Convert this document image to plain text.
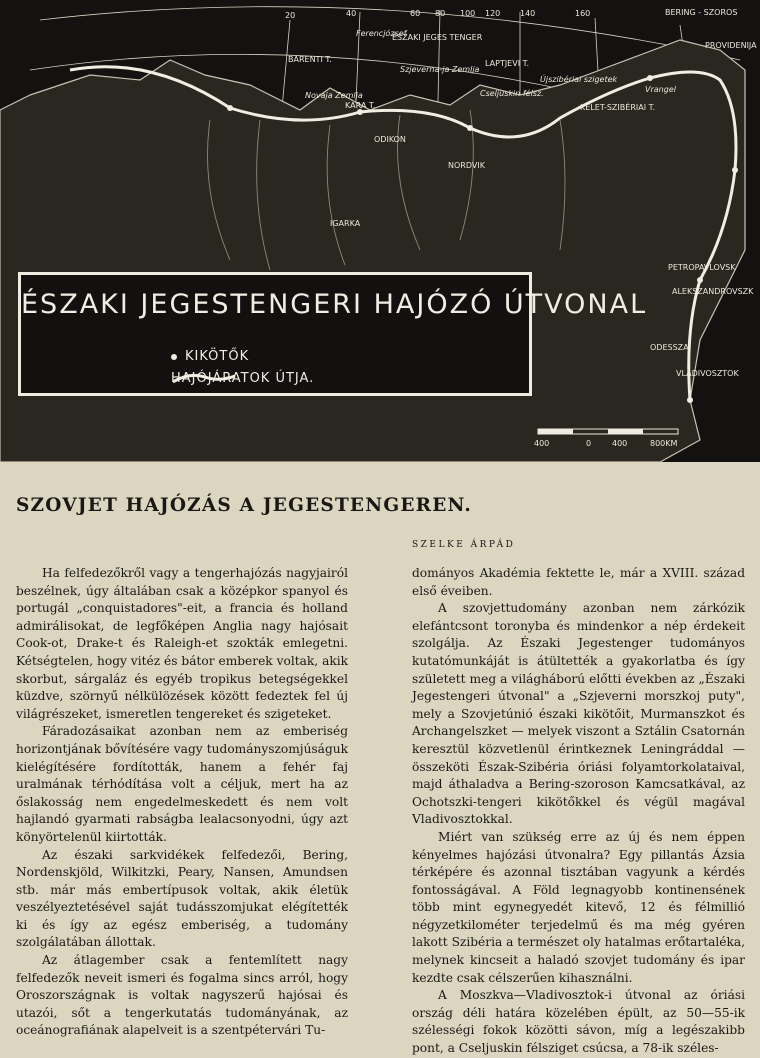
20	40	60 80 100 120 140	160	BERING - SZOROS
ÉSZAKI JEGES TENGER
Ferencjózsef
BARENTI T.
Novaja Zemlja
KARA T.
Szjeverna-ja Zemlja
LAPTJEVI T.
Újszibériai szigetek
Cseljuskin félsz.
KELET-SZIBÉRIAI T.
Vrangel
ODIKON
NORDVIK
IGARKA
PETROPAVLOVSK
ALEKSZANDROVSZK
VLADIVOSZTOK
ODESSZA
PROVIDENIJA
ÉSZAKI JEGESTENGERI HAJÓZÓ ÚTVONAL
KIKÖTŐK
HAJÓJÁRATOK ÚTJA.
400	0	400	800KM
SZOVJET HAJÓZÁS A JEGESTENGEREN.
SZELKE ÁRPÁD

Ha felfedezőkről vagy a tengerhajózás nagyjairól beszélnek, úgy általában csak a középkor spanyol és portugál „conquistadores"-eit, a francia és holland admirálisokat, de legfőképen Anglia nagy hajósait Cook-ot, Drake-t és Raleigh-et szokták emlegetni. Kétségtelen, hogy vitéz és bátor emberek voltak, akik skorbut, sárgaláz és egyéb tropikus betegségekkel küzdve, szörnyű nélkülözések között fedeztek fel új világrészeket, ismeretlen tengereket és szigeteket.

Fáradozásaikat azonban nem az emberiség horizontjának bővítésére vagy tudományszomjúságuk kielégítésére fordították, hanem a fehér faj uralmának térhódítása volt a céljuk, mert ha az őslakosság nem engedelmeskedett és nem volt hajlandó gyarmati rabságba lealacsonyodni, úgy azt könyörtelenül kiirtották.

Az északi sarkvidékek felfedezői, Bering, Nordenskjöld, Wilkitzki, Peary, Nansen, Amundsen stb. már más embertípusok voltak, akik életük veszélyeztetésével saját tudásszomjukat elégítették ki és így az egész emberiség, a tudomány szolgálatában állottak.

Az átlagember csak a fentemlített nagy felfedezők neveit ismeri és fogalma sincs arról, hogy Oroszországnak is voltak nagyszerű hajósai és utazói, sőt a tengerkutatás tudományának, az oceánografiának alapelveit is a szentpétervári Tu-

dományos Akadémia fektette le, már a XVIII. század első éveiben.

A szovjettudomány azonban nem zárkózik elefántcsont toronyba és mindenkor a nép érdekeit szolgálja. Az Északi Jegestenger tudományos kutatómunkáját is átültették a gyakorlatba és így született meg a világháború előtti években az „Északi Jegestengeri útvonal" a „Szjeverni morszkoj puty", mely a Szovjetúnió északi kikötőit, Murmanszkot és Archangelszket — melyek viszont a Sztálin Csatornán keresztül közvetlenül érintkeznek Leningráddal — összeköti Észak-Szibéria óriási folyamtorkolataival, majd áthaladva a Bering-szoroson Kamcsatkával, az Ochotszki-tengeri kikötőkkel és végül magával Vladivosztokkal.

Miért van szükség erre az új és nem éppen kényelmes hajózási útvonalra? Egy pillantás Ázsia térképére és azonnal tisztában vagyunk a kérdés fontosságával. A Föld legnagyobb kontinensének több mint egynegyedét kitevő, 12 és félmillió négyzetkilométer terjedelmű és ma még gyéren lakott Szibéria a természet oly hatalmas erőtartaléka, melynek kincseit a haladó szovjet tudomány és ipar kezdte csak célszerűen kihasználni.

A Moszkva—Vladivosztok-i útvonal az óriási ország déli határa közelében épült, az 50—55-ik szélességi fokok közötti sávon, míg a legészakibb pont, a Cseljuskin félsziget csúcsa, a 78-ik széles-
